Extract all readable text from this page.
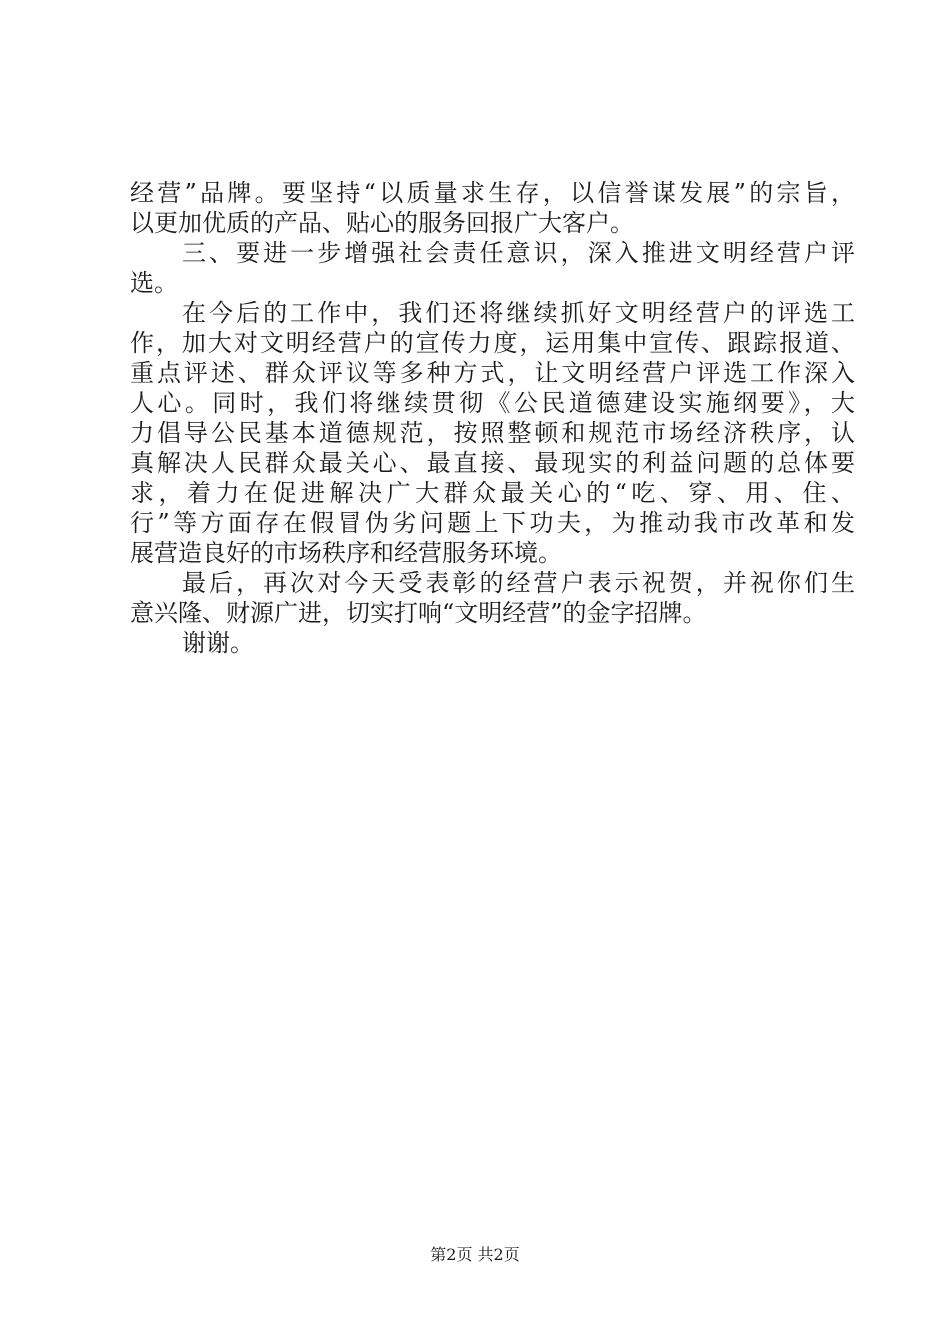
经营”品牌。要坚持“以质量求生存，以信誉谋发展”的宗旨，
以更加优质的产品、贴心的服务回报广大客户。
三、要进一步增强社会责任意识，深入推进文明经营户评
选。
在今后的工作中，我们还将继续抓好文明经营户的评选工
作，加大对文明经营户的宣传力度，运用集中宣传、跟踪报道、
重点评述、群众评议等多种方式，让文明经营户评选工作深入
人心。同时，我们将继续贯彻《公民道德建设实施纲要》，大
力倡导公民基本道德规范，按照整顿和规范市场经济秩序，认
真解决人民群众最关心、最直接、最现实的利益问题的总体要
求，着力在促进解决广大群众最关心的“吃、穿、用、住、
行”等方面存在假冒伪劣问题上下功夫，为推动我市改革和发
展营造良好的市场秩序和经营服务环境。
最后，再次对今天受表彰的经营户表示祝贺，并祝你们生
意兴隆、财源广进，切实打响“文明经营”的金字招牌。
谢谢。
第2页 共2页
